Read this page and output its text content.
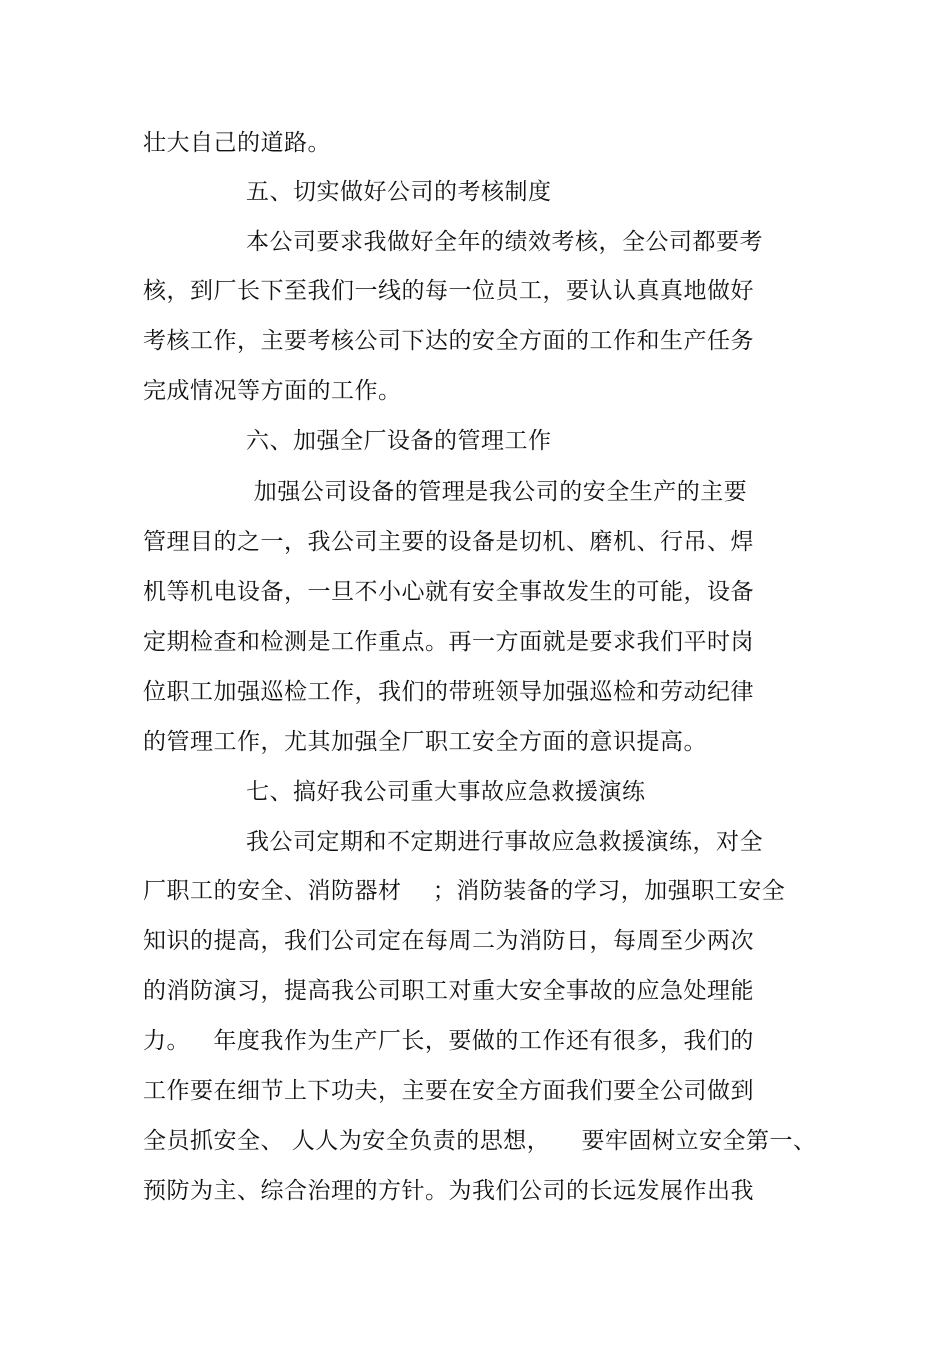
壮大自己的道路。
五、切实做好公司的考核制度
本公司要求我做好全年的绩效考核，全公司都要考
核，到厂长下至我们一线的每一位员工，要认认真真地做好
考核工作，主要考核公司下达的安全方面的工作和生产任务
完成情况等方面的工作。
六、加强全厂设备的管理工作
加强公司设备的管理是我公司的安全生产的主要
管理目的之一，我公司主要的设备是切机、磨机、行吊、焊
机等机电设备，一旦不小心就有安全事故发生的可能，设备
定期检查和检测是工作重点。再一方面就是要求我们平时岗
位职工加强巡检工作，我们的带班领导加强巡检和劳动纪律
的管理工作，尤其加强全厂职工安全方面的意识提高。
七、搞好我公司重大事故应急救援演练
我公司定期和不定期进行事故应急救援演练，对全
厂职工的安全、消防器材    ；消防装备的学习，加强职工安全
知识的提高，我们公司定在每周二为消防日，每周至少两次
的消防演习，提高我公司职工对重大安全事故的应急处理能
力。   年度我作为生产厂长，要做的工作还有很多，我们的
工作要在细节上下功夫，主要在安全方面我们要全公司做到
全员抓安全、 人人为安全负责的思想，    要牢固树立安全第一、
预防为主、综合治理的方针。为我们公司的长远发展作出我
